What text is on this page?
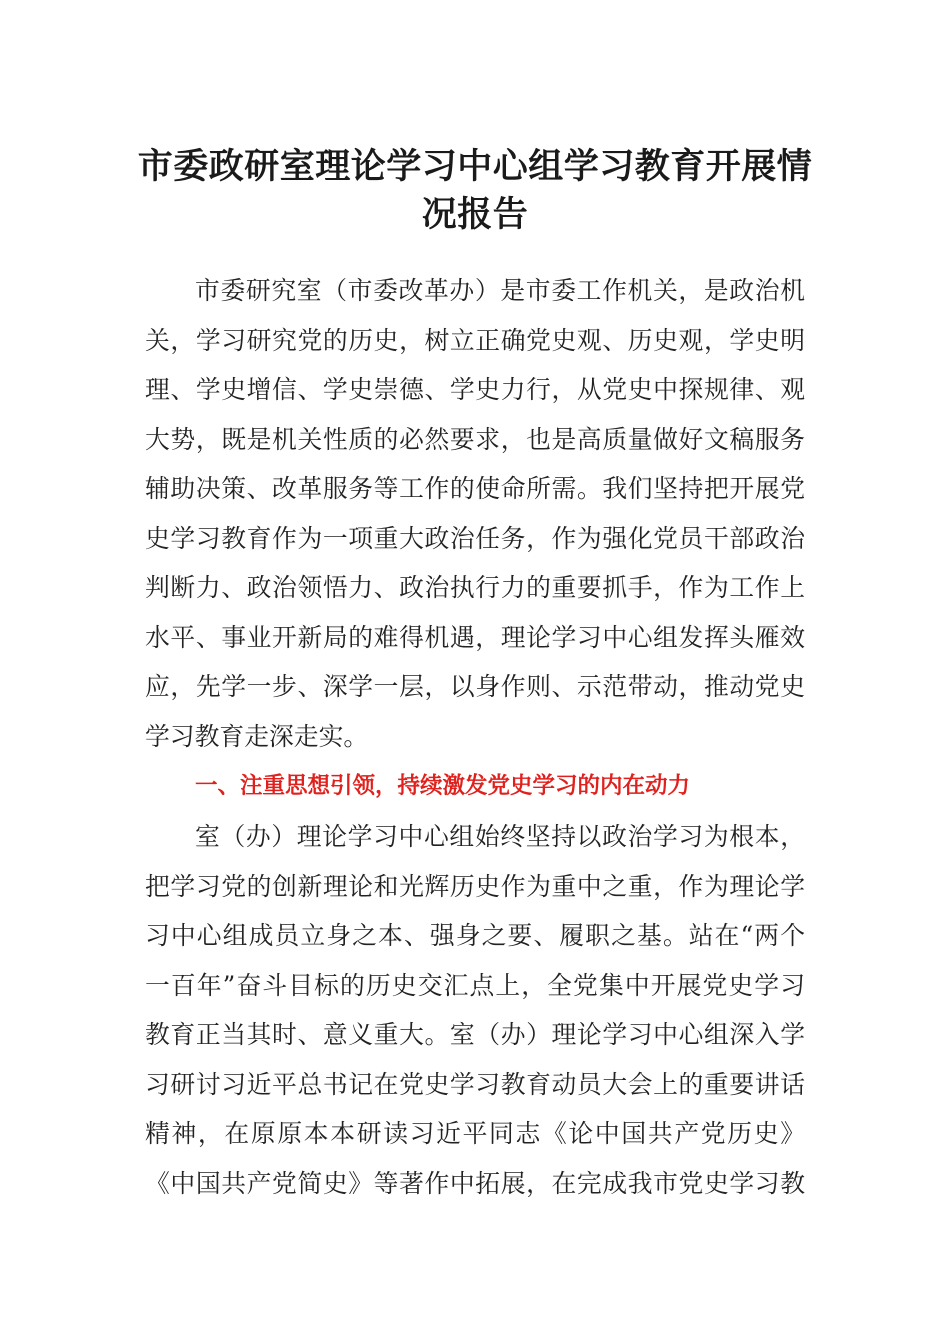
市委政研室理论学习中心组学习教育开展情
况报告
市委研究室（市委改革办）是市委工作机关，是政治机
关，学习研究党的历史，树立正确党史观、历史观，学史明
理、学史增信、学史崇德、学史力行，从党史中探规律、观
大势，既是机关性质的必然要求，也是高质量做好文稿服务
辅助决策、改革服务等工作的使命所需。我们坚持把开展党
史学习教育作为一项重大政治任务，作为强化党员干部政治
判断力、政治领悟力、政治执行力的重要抓手，作为工作上
水平、事业开新局的难得机遇，理论学习中心组发挥头雁效
应，先学一步、深学一层，以身作则、示范带动，推动党史
学习教育走深走实。
一、注重思想引领，持续激发党史学习的内在动力
室（办）理论学习中心组始终坚持以政治学习为根本，
把学习党的创新理论和光辉历史作为重中之重，作为理论学
习中心组成员立身之本、强身之要、履职之基。站在“两个
一百年”奋斗目标的历史交汇点上，全党集中开展党史学习
教育正当其时、意义重大。室（办）理论学习中心组深入学
习研讨习近平总书记在党史学习教育动员大会上的重要讲话
精神，在原原本本研读习近平同志《论中国共产党历史》
《中国共产党简史》等著作中拓展，在完成我市党史学习教
